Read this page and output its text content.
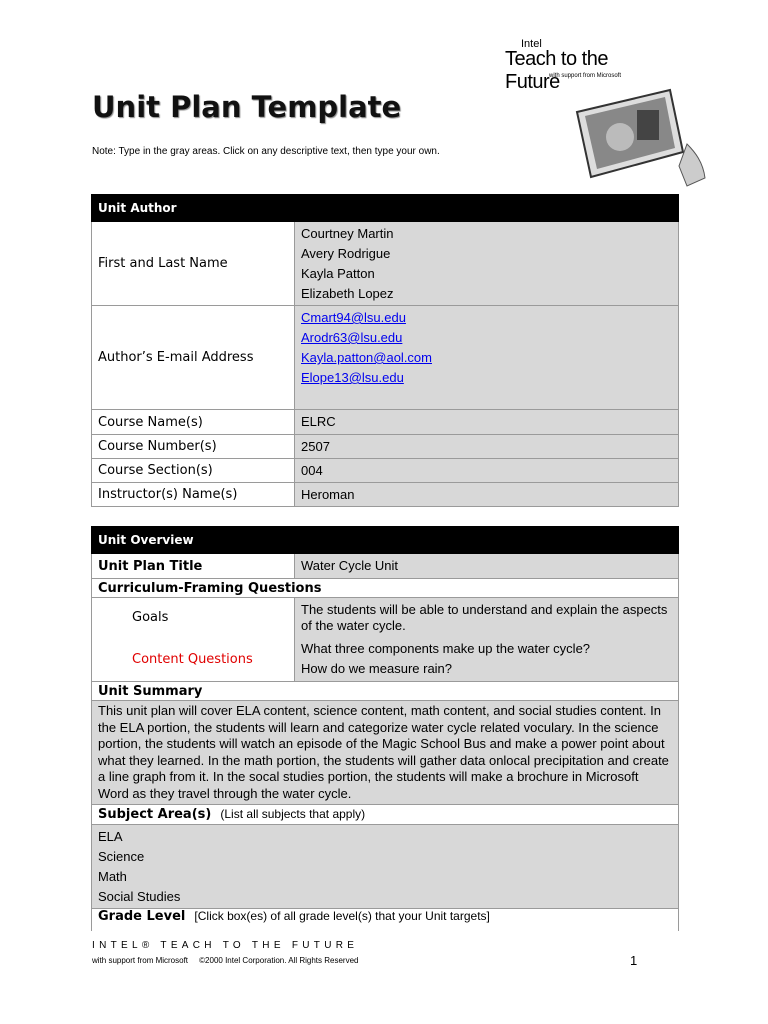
Unit Plan Template
Note: Type in the gray areas. Click on any descriptive text, then type your own.
Intel
Teach to the Future
with support from Microsoft
Unit Author	
First and Last Name	Courtney Martin
Avery Rodrigue
Kayla Patton
Elizabeth Lopez

Author’s E-mail Address	Cmart94@lsu.edu
Arodr63@lsu.edu
Kayla.patton@aol.com
Elope13@lsu.edu

Course Name(s)	ELRC
Course Number(s)	2507
Course Section(s)	004
Instructor(s) Name(s)	Heroman
Unit Overview	
Unit Plan Title	Water Cycle Unit
Curriculum-Framing Questions	
Goals	The students will be able to understand and explain the aspects of the water cycle.
Content Questions	What three components make up the water cycle?
How do we measure rain?

Unit Summary	
This unit plan will cover ELA content, science content, math content, and social studies content. In the ELA portion, the students will learn and categorize water cycle related voculary. In the science portion, the students will watch an episode of the Magic School Bus and make a power point about what they learned. In the math portion, the students will gather data onlocal precipitation and create a line graph from it. In the socal studies portion, the students will make a brochure in Microsoft Word as they travel through the water cycle.	
Subject Area(s) (List all subjects that apply)	

ELA
Science
Math
Social Studies	

Grade Level [Click box(es) of all grade level(s) that your Unit targets]	
INTEL® TEACH TO THE FUTURE
with support from Microsoft ©2000 Intel Corporation. All Rights Reserved	1
